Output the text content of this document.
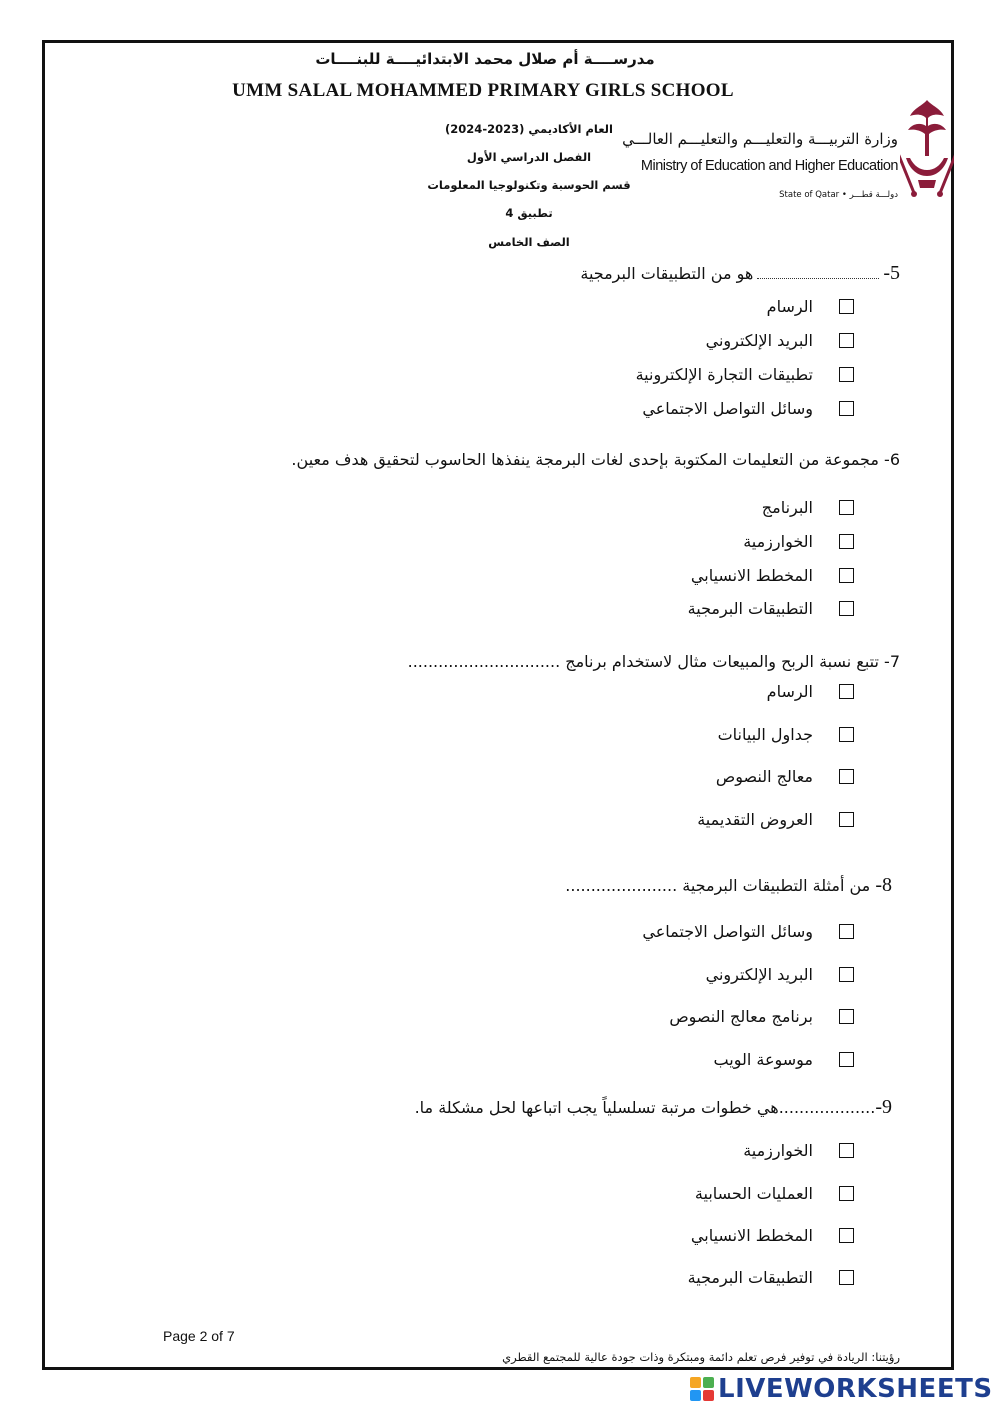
مدرســــة أم صلال محمد الابتدائيــــة للبنــــات
UMM SALAL MOHAMMED PRIMARY GIRLS SCHOOL
العام الأكاديمي (2023-2024)
الفصل الدراسي الأول
قسم الحوسبة وتكنولوجيا المعلومات
تطبيق 4
الصف الخامس
وزارة التربيـــة والتعليـــم والتعليـــم العالـــي
Ministry of Education and Higher Education
State of Qatar • دولـــة قطـــر
5-هو من التطبيقات البرمجية
الرسام
البريد الإلكتروني
تطبيقات التجارة الإلكترونية
وسائل التواصل الاجتماعي
6- مجموعة من التعليمات المكتوبة بإحدى لغات البرمجة ينفذها الحاسوب لتحقيق هدف معين.
البرنامج
الخوارزمية
المخطط الانسيابي
التطبيقات البرمجية
7- تتبع نسبة الربح والمبيعات مثال لاستخدام برنامج ..............................
الرسام
جداول البيانات
معالج النصوص
العروض التقديمية
8- من أمثلة التطبيقات البرمجية ......................
وسائل التواصل الاجتماعي
البريد الإلكتروني
برنامج معالج النصوص
موسوعة الويب
9-...................هي خطوات مرتبة تسلسلياً يجب اتباعها لحل مشكلة ما.
الخوارزمية
العمليات الحسابية
المخطط الانسيابي
التطبيقات البرمجية
Page 2 of 7
رؤيتنا: الريادة في توفير فرص تعلم دائمة ومبتكرة وذات جودة عالية للمجتمع القطري
LIVEWORKSHEETS
